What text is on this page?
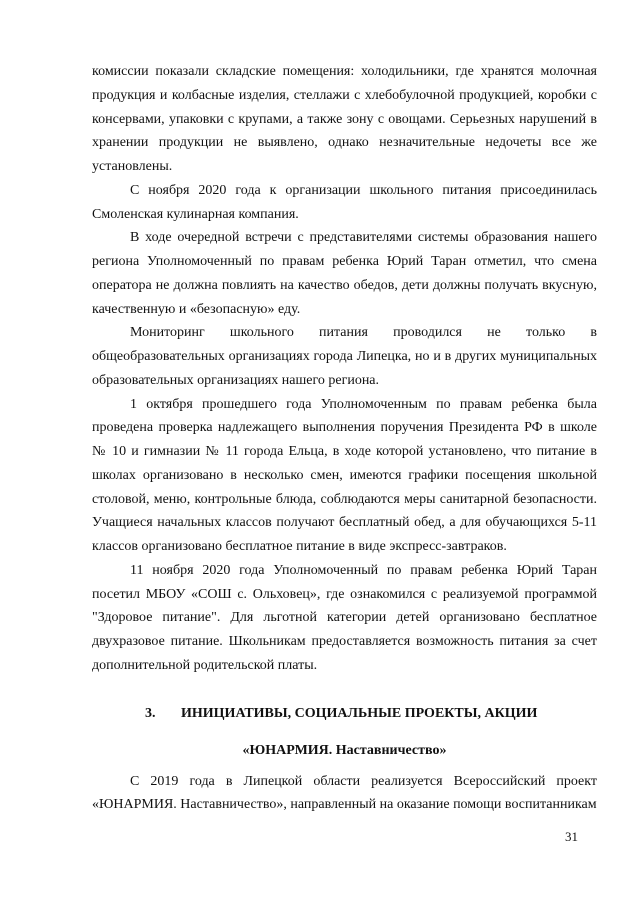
комиссии показали складские помещения: холодильники, где хранятся молочная продукция и колбасные изделия, стеллажи с хлебобулочной продукцией, коробки с консервами, упаковки с крупами, а также зону с овощами. Серьезных нарушений в хранении продукции не выявлено, однако незначительные недочеты все же установлены.

С ноября 2020 года к организации школьного питания присоединилась Смоленская кулинарная компания.

В ходе очередной встречи с представителями системы образования нашего региона Уполномоченный по правам ребенка Юрий Таран отметил, что смена оператора не должна повлиять на качество обедов, дети должны получать вкусную, качественную и «безопасную» еду.

Мониторинг школьного питания проводился не только в общеобразовательных организациях города Липецка, но и в других муниципальных образовательных организациях нашего региона.

1 октября прошедшего года Уполномоченным по правам ребенка была проведена проверка надлежащего выполнения поручения Президента РФ в школе № 10 и гимназии № 11 города Ельца, в ходе которой установлено, что питание в школах организовано в несколько смен, имеются графики посещения школьной столовой, меню, контрольные блюда, соблюдаются меры санитарной безопасности. Учащиеся начальных классов получают бесплатный обед, а для обучающихся 5-11 классов организовано бесплатное питание в виде экспресс-завтраков.

11 ноября 2020 года Уполномоченный по правам ребенка Юрий Таран посетил МБОУ «СОШ с. Ольховец», где ознакомился с реализуемой программой "Здоровое питание". Для льготной категории детей организовано бесплатное двухразовое питание. Школьникам предоставляется возможность питания за счет дополнительной родительской платы.

3.	ИНИЦИАТИВЫ, СОЦИАЛЬНЫЕ ПРОЕКТЫ, АКЦИИ
«ЮНАРМИЯ. Наставничество»

С 2019 года в Липецкой области реализуется Всероссийский проект «ЮНАРМИЯ. Наставничество», направленный на оказание помощи воспитанникам

31
